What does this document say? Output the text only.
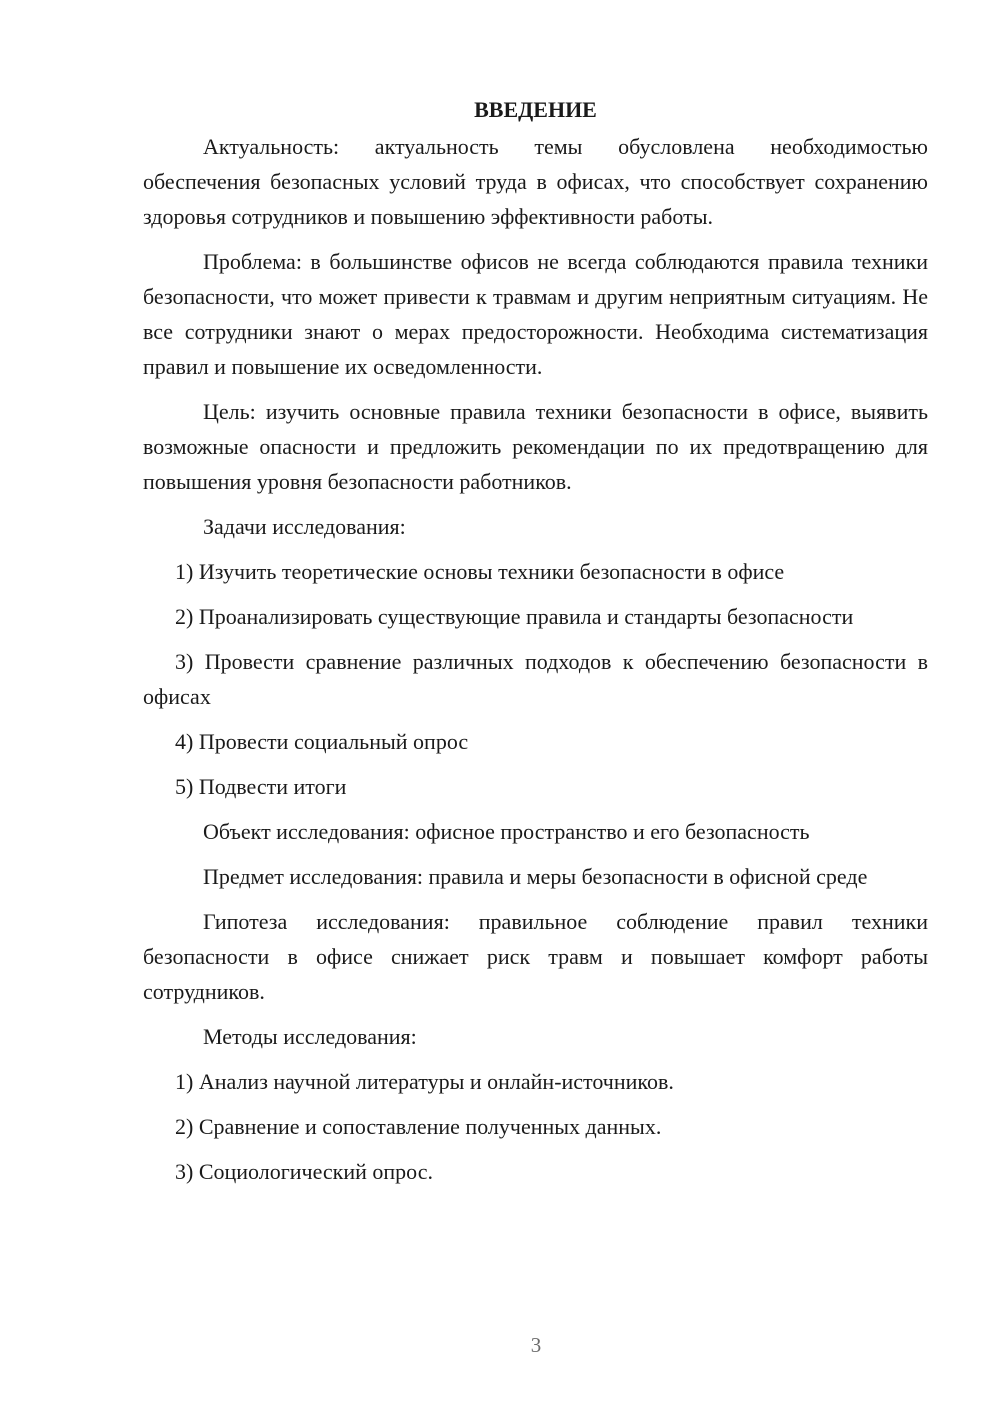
ВВЕДЕНИЕ

Актуальность: актуальность темы обусловлена необходимостью обеспечения безопасных условий труда в офисах, что способствует сохранению здоровья сотрудников и повышению эффективности работы.

Проблема: в большинстве офисов не всегда соблюдаются правила техники безопасности, что может привести к травмам и другим неприятным ситуациям. Не все сотрудники знают о мерах предосторожности. Необходима систематизация правил и повышение их осведомленности.

Цель: изучить основные правила техники безопасности в офисе, выявить возможные опасности и предложить рекомендации по их предотвращению для повышения уровня безопасности работников.

Задачи исследования:

1) Изучить теоретические основы техники безопасности в офисе

2) Проанализировать существующие правила и стандарты безопасности

3) Провести сравнение различных подходов к обеспечению безопасности в офисах

4) Провести социальный опрос

5) Подвести итоги

Объект исследования: офисное пространство и его безопасность

Предмет исследования: правила и меры безопасности в офисной среде

Гипотеза исследования: правильное соблюдение правил техники безопасности в офисе снижает риск травм и повышает комфорт работы сотрудников.

Методы исследования:

1) Анализ научной литературы и онлайн-источников.

2) Сравнение и сопоставление полученных данных.

3) Социологический опрос.

3
